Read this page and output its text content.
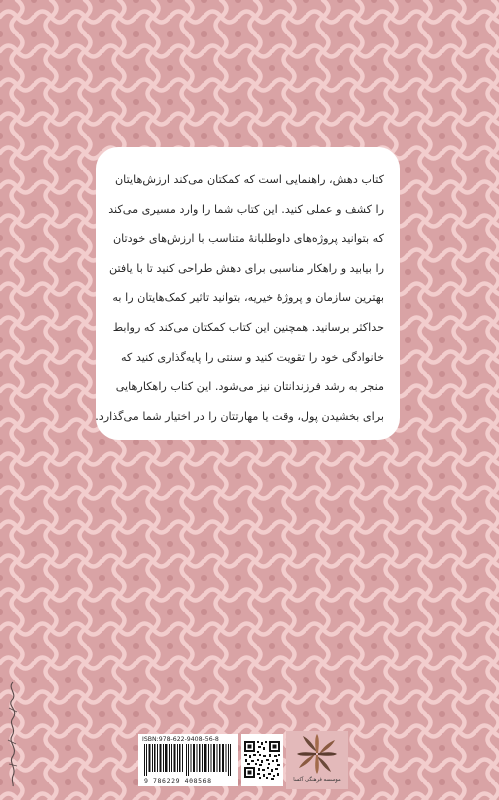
کتاب دهش، راهنمایی است که کمکتان می‌کند ارزش‌هایتان
را کشف و عملی کنید. این کتاب شما را وارد مسیری می‌کند
که بتوانید پروژه‌های داوطلبانهٔ متناسب با ارزش‌های خودتان
را بیابید و راهکار مناسبی برای دهش طراحی کنید تا با یافتن
بهترین سازمان و پروژهٔ خیریه، بتوانید تاثیر کمک‌هایتان را به
حداکثر برسانید. همچنین این کتاب کمکتان می‌کند که روابط
خانوادگی خود را تقویت کنید و سنتی را پایه‌گذاری کنید که
منجر به رشد فرزندانتان نیز می‌شود. این کتاب راهکارهایی
برای بخشیدن پول، وقت یا مهارتتان را در اختیار شما می‌گذارد.
ISBN:978-622-9408-56-8
9 786229 408568	موسسه فرهنگی آکسا
